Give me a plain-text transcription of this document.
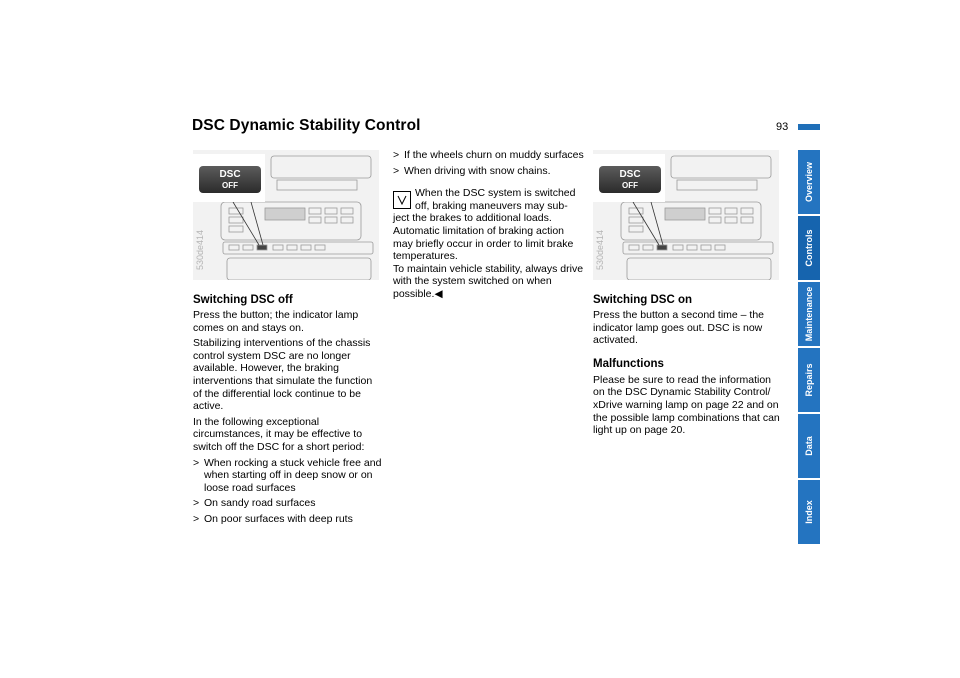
DSC Dynamic Stability Control	93
Overview
Controls
Maintenance
Repairs
Data
Index
DSC
OFF
530de414
DSC
OFF
530de414
Switching DSC off

Press the button; the indicator lamp comes on and stays on.

Stabilizing interventions of the chassis control system DSC are no longer available. However, the braking interventions that simulate the function of the differential lock continue to be active.

In the following exceptional circumstances, it may be effective to switch off the DSC for a short period:

> When rocking a stuck vehicle free and when starting off in deep snow or on loose road surfaces

> On sandy road surfaces

> On poor surfaces with deep ruts

> If the wheels churn on muddy surfaces

> When driving with snow chains.

When the DSC system is switched off, braking maneuvers may sub-
ject the brakes to additional loads. Automatic limitation of braking action may briefly occur in order to limit brake temperatures.
To maintain vehicle stability, always drive with the system switched on when possible.◀
Switching DSC on

Press the button a second time – the indicator lamp goes out. DSC is now activated.

Malfunctions

Please be sure to read the information on the DSC Dynamic Stability Control/ xDrive warning lamp on page 22 and on the possible lamp combinations that can light up on page 20.
